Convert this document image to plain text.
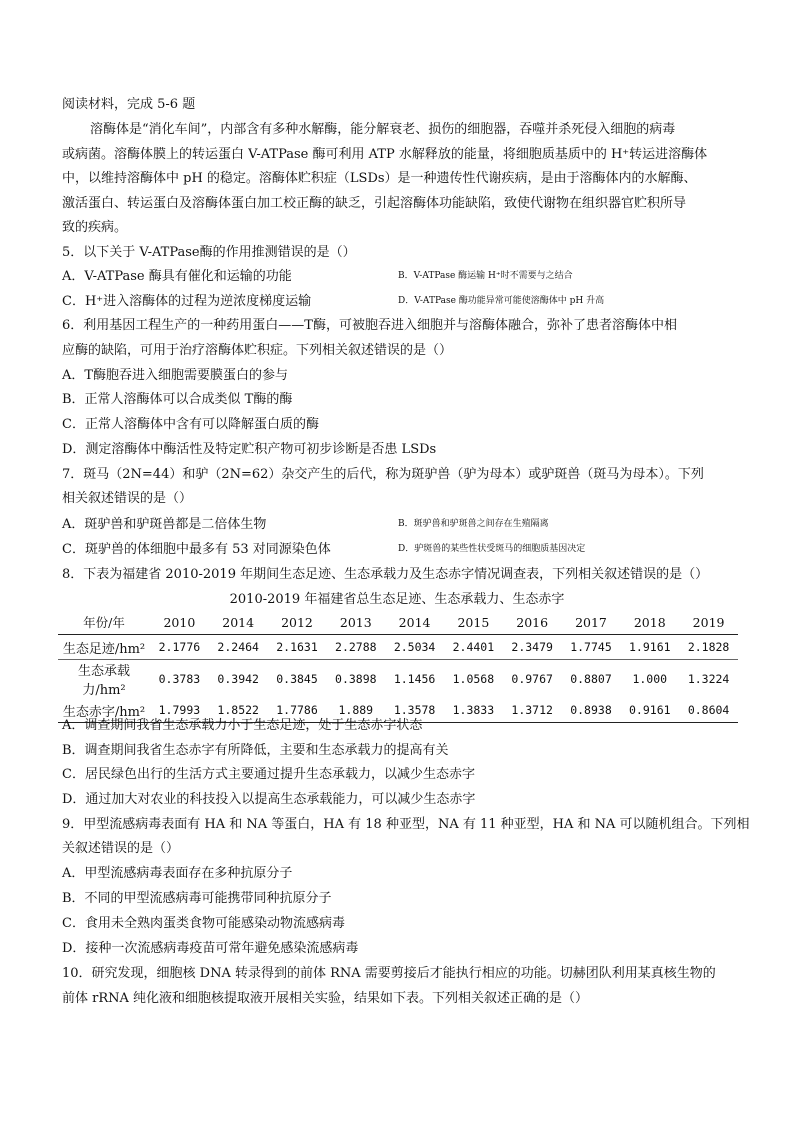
阅读材料，完成 5-6 题
溶酶体是“消化车间”，内部含有多种水解酶，能分解衰老、损伤的细胞器，吞噬并杀死侵入细胞的病毒
或病菌。溶酶体膜上的转运蛋白 V-ATPase 酶可利用 ATP 水解释放的能量，将细胞质基质中的 H⁺转运进溶酶体
中，以维持溶酶体中 pH 的稳定。溶酶体贮积症（LSDs）是一种遗传性代谢疾病，是由于溶酶体内的水解酶、
激活蛋白、转运蛋白及溶酶体蛋白加工校正酶的缺乏，引起溶酶体功能缺陷，致使代谢物在组织器官贮积所导
致的疾病。
5．以下关于 V-ATPase酶的作用推测错误的是（）
A．V-ATPase 酶具有催化和运输的功能	B．V-ATPase 酶运输 H⁺时不需要与之结合
C．H⁺进入溶酶体的过程为逆浓度梯度运输	D．V-ATPase 酶功能异常可能使溶酶体中 pH 升高
6．利用基因工程生产的一种药用蛋白——T酶，可被胞吞进入细胞并与溶酶体融合，弥补了患者溶酶体中相
应酶的缺陷，可用于治疗溶酶体贮积症。下列相关叙述错误的是（）
A．T酶胞吞进入细胞需要膜蛋白的参与
B．正常人溶酶体可以合成类似 T酶的酶
C．正常人溶酶体中含有可以降解蛋白质的酶
D．测定溶酶体中酶活性及特定贮积产物可初步诊断是否患 LSDs
7．斑马（2N=44）和驴（2N=62）杂交产生的后代，称为斑驴兽（驴为母本）或驴斑兽（斑马为母本）。下列
相关叙述错误的是（）
A．斑驴兽和驴斑兽都是二倍体生物	B．斑驴兽和驴斑兽之间存在生殖隔离
C．斑驴兽的体细胞中最多有 53 对同源染色体	D．驴斑兽的某些性状受斑马的细胞质基因决定
8．下表为福建省 2010-2019 年期间生态足迹、生态承载力及生态赤字情况调查表，下列相关叙述错误的是（）
2010-2019 年福建省总生态足迹、生态承载力、生态赤字
年份/年	2010	2014	2012	2013	2014	2015	2016	2017	2018	2019
生态足迹/hm²	2.1776	2.2464	2.1631	2.2788	2.5034	2.4401	2.3479	1.7745	1.9161	2.1828
生态承载力/hm²	0.3783	0.3942	0.3845	0.3898	1.1456	1.0568	0.9767	0.8807	1.000	1.3224
生态赤字/hm²	1.7993	1.8522	1.7786	1.889	1.3578	1.3833	1.3712	0.8938	0.9161	0.8604
A．调查期间我省生态承载力小于生态足迹，处于生态赤字状态
B．调查期间我省生态赤字有所降低，主要和生态承载力的提高有关
C．居民绿色出行的生活方式主要通过提升生态承载力，以减少生态赤字
D．通过加大对农业的科技投入以提高生态承载能力，可以减少生态赤字
9．甲型流感病毒表面有 HA 和 NA 等蛋白，HA 有 18 种亚型，NA 有 11 种亚型，HA 和 NA 可以随机组合。下列相
关叙述错误的是（）
A．甲型流感病毒表面存在多种抗原分子
B．不同的甲型流感病毒可能携带同种抗原分子
C．食用未全熟肉蛋类食物可能感染动物流感病毒
D．接种一次流感病毒疫苗可常年避免感染流感病毒
10．研究发现，细胞核 DNA 转录得到的前体 RNA 需要剪接后才能执行相应的功能。切赫团队利用某真核生物的
前体 rRNA 纯化液和细胞核提取液开展相关实验，结果如下表。下列相关叙述正确的是（）
